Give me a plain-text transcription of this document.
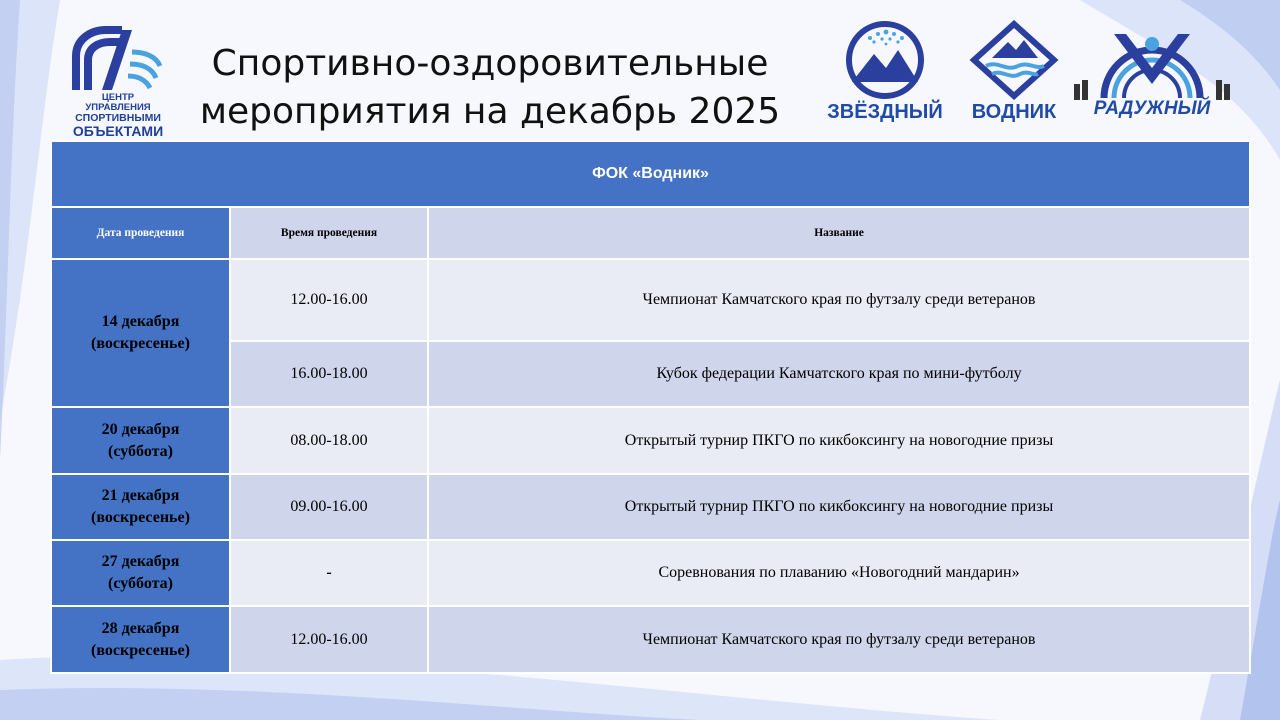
Спортивно-оздоровительные
мероприятия на декабрь 2025
ЦЕНТР УПРАВЛЕНИЯ
СПОРТИВНЫМИ
ОБЪЕКТАМИ
ЗВЁЗДНЫЙ ВОДНИК	РАДУЖНЫЙ
ФОК «Водник»		
Дата проведения	Время проведения	Название

14 декабря
(воскресенье)	12.00-16.00	Чемпионат Камчатского края по футзалу среди ветеранов
	16.00-18.00	Кубок федерации Камчатского края по мини-футболу

20 декабря
(суббота)	08.00-18.00	Открытый турнир ПКГО по кикбоксингу на новогодние призы

21 декабря
(воскресенье)	09.00-16.00	Открытый турнир ПКГО по кикбоксингу на новогодние призы

27 декабря
(суббота)	-	Соревнования по плаванию «Новогодний мандарин»

28 декабря
(воскресенье)	12.00-16.00	Чемпионат Камчатского края по футзалу среди ветеранов
